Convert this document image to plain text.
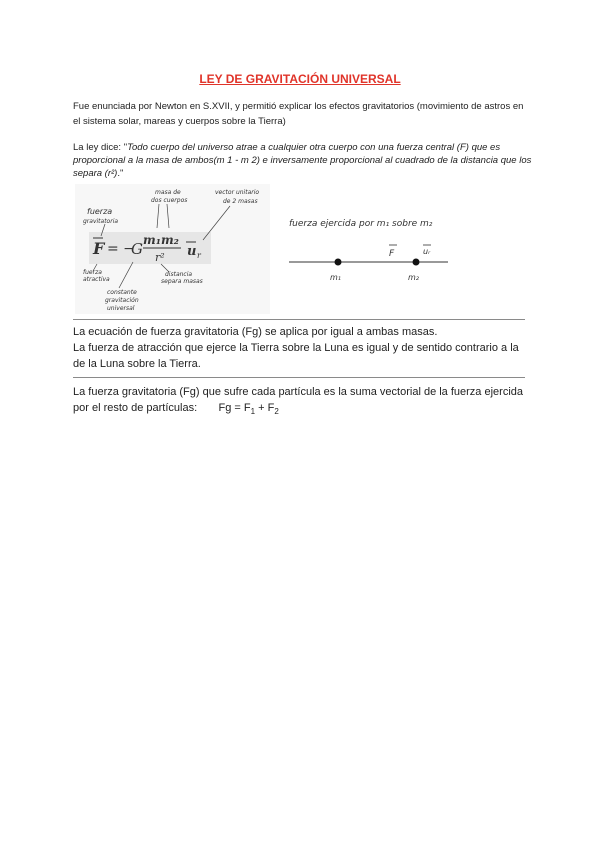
LEY DE GRAVITACIÓN UNIVERSAL
Fue enunciada por Newton en S.XVII, y permitió explicar los efectos gravitatorios (movimiento de astros en el sistema solar, mareas y cuerpos sobre la Tierra)
La ley dice: "Todo cuerpo del universo atrae a cualquier otra cuerpo con una fuerza central (F) que es proporcional a la masa de ambos(m 1 - m 2) e inversamente proporcional al cuadrado de la distancia que los separa (r²)."
F = −
G m₁m₂
r² u r
fuerza
gravitatoria
masa de
dos cuerpos
vector unitario
de 2 masas
fuerza
atractiva
constante
gravitación
universal
distancia
separa masas
fuerza ejercida por m₁ sobre m₂
F	uᵣ
m₁	m₂
La ecuación de fuerza gravitatoria (Fg) se aplica por igual a ambas masas.
La fuerza de atracción que ejerce la Tierra sobre la Luna es igual y de sentido contrario a la de la Luna sobre la Tierra.
La fuerza gravitatoria (Fg) que sufre cada partícula es la suma vectorial de la fuerza ejercida por el resto de partículas: $Fg = F_1 + F_2$
